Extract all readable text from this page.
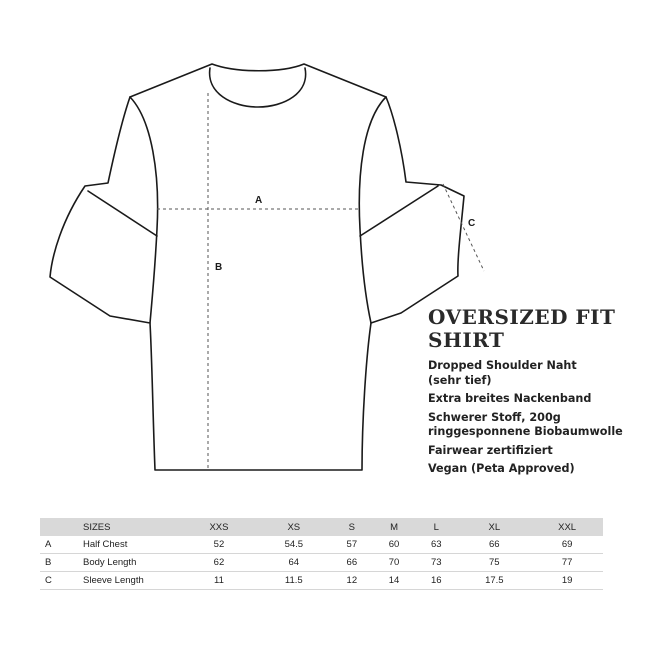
A
B
C
OVERSIZED FIT
SHIRT
Dropped Shoulder Naht
(sehr tief)
Extra breites Nackenband
Schwerer Stoff, 200g
ringgesponnene Biobaumwolle
Fairwear zertifiziert
Vegan (Peta Approved)
	SIZES	XXS	XS	S	M	L	XL	XXL
A	Half Chest	52	54.5	57	60	63	66	69
B	Body Length	62	64	66	70	73	75	77
C	Sleeve Length	11	11.5	12	14	16	17.5	19
